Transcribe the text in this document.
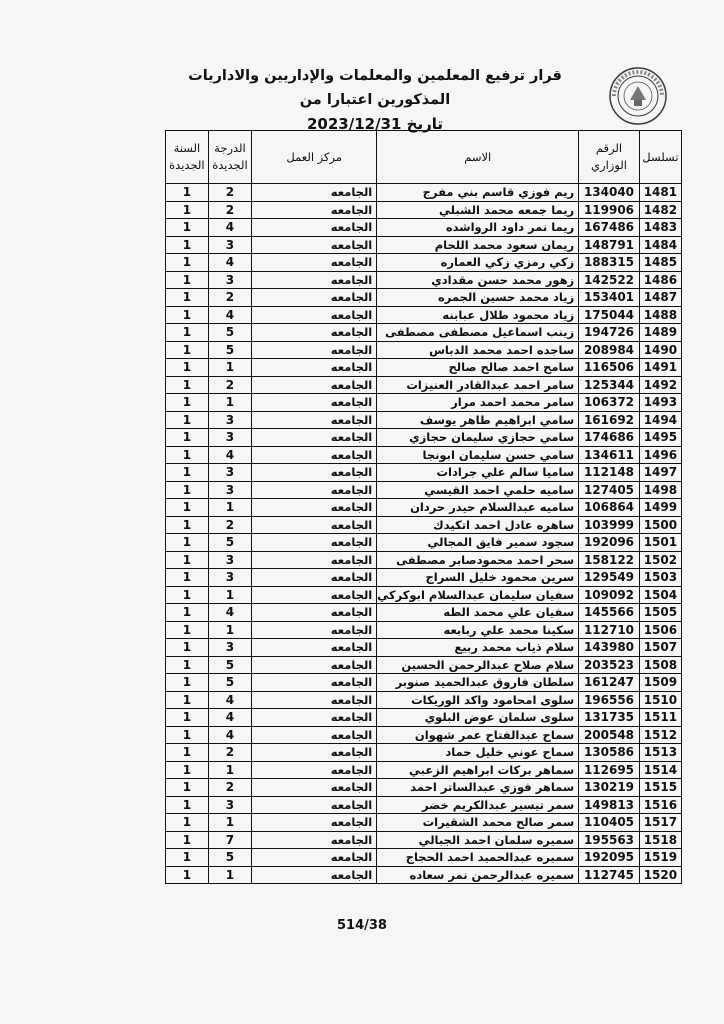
قرار ترفيع المعلمين والمعلمات والإداريين والاداريات المذكورين اعتبارا من
تاريخ 2023/12/31
تسلسل	الرقم الوزاري	الاسم	مركز العمل	الدرجة الجديدة	السنة الجديدة
1481	134040	ريم فوزي قاسم بني مفرج	الجامعه	2	1
1482	119906	ريما جمعه محمد الشبلي	الجامعه	2	1
1483	167486	ريما نمر داود الرواشده	الجامعه	4	1
1484	148791	ريمان سعود محمد اللحام	الجامعه	3	1
1485	188315	زكي رمزي زكي العماره	الجامعه	4	1
1486	142522	زهور محمد حسن مقدادي	الجامعه	3	1
1487	153401	زياد محمد حسين الجمره	الجامعه	2	1
1488	175044	زياد محمود طلال عبابنه	الجامعه	4	1
1489	194726	زينب اسماعيل مصطفى مصطفى	الجامعه	5	1
1490	208984	ساجده احمد محمد الدباس	الجامعه	5	1
1491	116506	سامح احمد صالح صالح	الجامعه	1	1
1492	125344	سامر احمد عبدالقادر العنيزات	الجامعه	2	1
1493	106372	سامر محمد احمد مرار	الجامعه	1	1
1494	161692	سامي ابراهيم طاهر يوسف	الجامعه	3	1
1495	174686	سامي حجازي سليمان حجازي	الجامعه	3	1
1496	134611	سامي حسن سليمان ابونجا	الجامعه	4	1
1497	112148	ساميا سالم علي جرادات	الجامعه	3	1
1498	127405	ساميه حلمي احمد القيسي	الجامعه	3	1
1499	106864	ساميه عبدالسلام حيدر حردان	الجامعه	1	1
1500	103999	ساهره عادل احمد اتكيدك	الجامعه	2	1
1501	192096	سجود سمير فايق المجالي	الجامعه	5	1
1502	158122	سحر احمد محمودصابر مصطفى	الجامعه	3	1
1503	129549	سرين محمود خليل السراج	الجامعه	3	1
1504	109092	سفيان سليمان عبدالسلام ابوكركي	الجامعه	1	1
1505	145566	سفيان علي محمد الطه	الجامعه	4	1
1506	112710	سكينا محمد علي ربابعه	الجامعه	1	1
1507	143980	سلام ذياب محمد ربيع	الجامعه	3	1
1508	203523	سلام صلاح عبدالرحمن الحسين	الجامعه	5	1
1509	161247	سلطان فاروق عبدالحميد صنوبر	الجامعه	5	1
1510	196556	سلوى امحامود واكد الوريكات	الجامعه	4	1
1511	131735	سلوى سلمان عوض البلوي	الجامعه	4	1
1512	200548	سماح عبدالفتاح عمر شهوان	الجامعه	4	1
1513	130586	سماح عوني خليل حماد	الجامعه	2	1
1514	112695	سماهر بركات ابراهيم الزعبي	الجامعه	1	1
1515	130219	سماهر فوزي عبدالساتر احمد	الجامعه	2	1
1516	149813	سمر تيسير عبدالكريم خضر	الجامعه	3	1
1517	110405	سمر صالح محمد الشقيرات	الجامعه	1	1
1518	195563	سميره سلمان احمد الجبالي	الجامعه	7	1
1519	192095	سميره عبدالحميد احمد الحجاج	الجامعه	5	1
1520	112745	سميره عبدالرحمن نمر سعاده	الجامعه	1	1
514/38
